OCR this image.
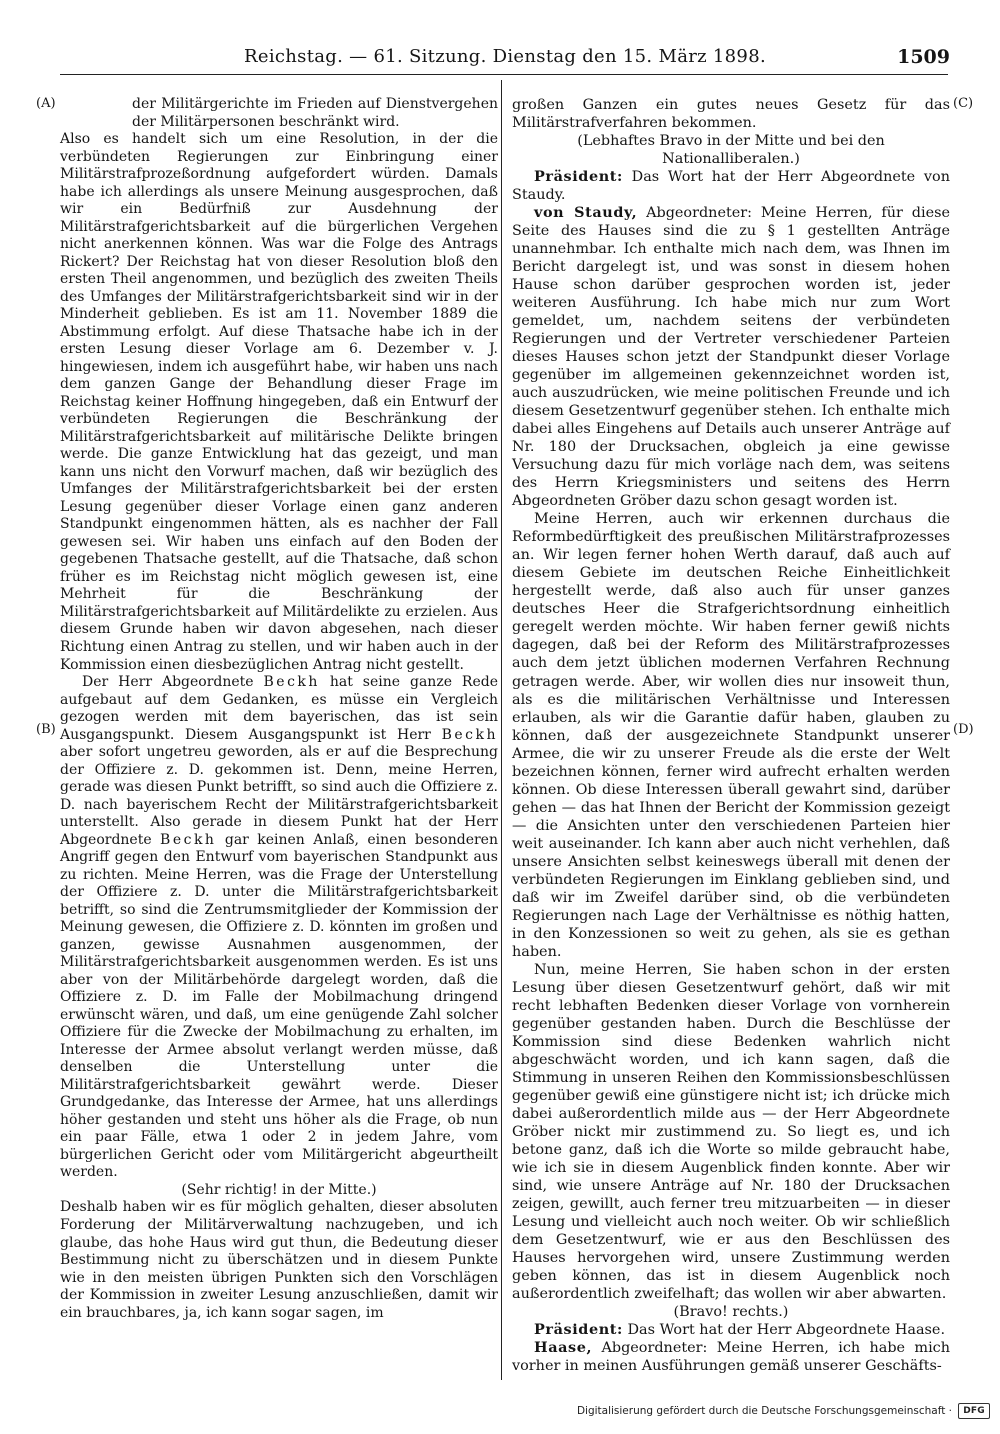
Reichstag. — 61. Sitzung. Dienstag den 15. März 1898.	1509
(A)
(B)
(C)
(D)

der Militärgerichte im Frieden auf Dienstvergehen der Militärpersonen beschränkt wird.

Also es handelt sich um eine Resolution, in der die verbündeten Regierungen zur Einbringung einer Militärstrafprozeßordnung aufgefordert würden. Damals habe ich allerdings als unsere Meinung ausgesprochen, daß wir ein Bedürfniß zur Ausdehnung der Militärstrafgerichtsbarkeit auf die bürgerlichen Vergehen nicht anerkennen können. Was war die Folge des Antrags Rickert? Der Reichstag hat von dieser Resolution bloß den ersten Theil angenommen, und bezüglich des zweiten Theils des Umfanges der Militärstrafgerichtsbarkeit sind wir in der Minderheit geblieben. Es ist am 11. November 1889 die Abstimmung erfolgt. Auf diese Thatsache habe ich in der ersten Lesung dieser Vorlage am 6. Dezember v. J. hingewiesen, indem ich ausgeführt habe, wir haben uns nach dem ganzen Gange der Behandlung dieser Frage im Reichstag keiner Hoffnung hingegeben, daß ein Entwurf der verbündeten Regierungen die Beschränkung der Militärstrafgerichtsbarkeit auf militärische Delikte bringen werde. Die ganze Entwicklung hat das gezeigt, und man kann uns nicht den Vorwurf machen, daß wir bezüglich des Umfanges der Militärstrafgerichtsbarkeit bei der ersten Lesung gegenüber dieser Vorlage einen ganz anderen Standpunkt eingenommen hätten, als es nachher der Fall gewesen sei. Wir haben uns einfach auf den Boden der gegebenen Thatsache gestellt, auf die Thatsache, daß schon früher es im Reichstag nicht möglich gewesen ist, eine Mehrheit für die Beschränkung der Militärstrafgerichtsbarkeit auf Militärdelikte zu erzielen. Aus diesem Grunde haben wir davon abgesehen, nach dieser Richtung einen Antrag zu stellen, und wir haben auch in der Kommission einen diesbezüglichen Antrag nicht gestellt.

Der Herr Abgeordnete Beckh hat seine ganze Rede aufgebaut auf dem Gedanken, es müsse ein Vergleich gezogen werden mit dem bayerischen, das ist sein Ausgangspunkt. Diesem Ausgangspunkt ist Herr Beckh aber sofort ungetreu geworden, als er auf die Besprechung der Offiziere z. D. gekommen ist. Denn, meine Herren, gerade was diesen Punkt betrifft, so sind auch die Offiziere z. D. nach bayerischem Recht der Militärstrafgerichtsbarkeit unterstellt. Also gerade in diesem Punkt hat der Herr Abgeordnete Beckh gar keinen Anlaß, einen besonderen Angriff gegen den Entwurf vom bayerischen Standpunkt aus zu richten. Meine Herren, was die Frage der Unterstellung der Offiziere z. D. unter die Militärstrafgerichtsbarkeit betrifft, so sind die Zentrumsmitglieder der Kommission der Meinung gewesen, die Offiziere z. D. könnten im großen und ganzen, gewisse Ausnahmen ausgenommen, der Militärstrafgerichtsbarkeit ausgenommen werden. Es ist uns aber von der Militärbehörde dargelegt worden, daß die Offiziere z. D. im Falle der Mobilmachung dringend erwünscht wären, und daß, um eine genügende Zahl solcher Offiziere für die Zwecke der Mobilmachung zu erhalten, im Interesse der Armee absolut verlangt werden müsse, daß denselben die Unterstellung unter die Militärstrafgerichtsbarkeit gewährt werde. Dieser Grundgedanke, das Interesse der Armee, hat uns allerdings höher gestanden und steht uns höher als die Frage, ob nun ein paar Fälle, etwa 1 oder 2 in jedem Jahre, vom bürgerlichen Gericht oder vom Militärgericht abgeurtheilt werden.

(Sehr richtig! in der Mitte.)

Deshalb haben wir es für möglich gehalten, dieser absoluten Forderung der Militärverwaltung nachzugeben, und ich glaube, das hohe Haus wird gut thun, die Bedeutung dieser Bestimmung nicht zu überschätzen und in diesem Punkte wie in den meisten übrigen Punkten sich den Vorschlägen der Kommission in zweiter Lesung anzuschließen, damit wir ein brauchbares, ja, ich kann sogar sagen, im

großen Ganzen ein gutes neues Gesetz für das Militärstrafverfahren bekommen.

(Lebhaftes Bravo in der Mitte und bei den Nationalliberalen.)

Präsident: Das Wort hat der Herr Abgeordnete von Staudy.

von Staudy, Abgeordneter: Meine Herren, für diese Seite des Hauses sind die zu § 1 gestellten Anträge unannehmbar. Ich enthalte mich nach dem, was Ihnen im Bericht dargelegt ist, und was sonst in diesem hohen Hause schon darüber gesprochen worden ist, jeder weiteren Ausführung. Ich habe mich nur zum Wort gemeldet, um, nachdem seitens der verbündeten Regierungen und der Vertreter verschiedener Parteien dieses Hauses schon jetzt der Standpunkt dieser Vorlage gegenüber im allgemeinen gekennzeichnet worden ist, auch auszudrücken, wie meine politischen Freunde und ich diesem Gesetzentwurf gegenüber stehen. Ich enthalte mich dabei alles Eingehens auf Details auch unserer Anträge auf Nr. 180 der Drucksachen, obgleich ja eine gewisse Versuchung dazu für mich vorläge nach dem, was seitens des Herrn Kriegsministers und seitens des Herrn Abgeordneten Gröber dazu schon gesagt worden ist.

Meine Herren, auch wir erkennen durchaus die Reformbedürftigkeit des preußischen Militärstrafprozesses an. Wir legen ferner hohen Werth darauf, daß auch auf diesem Gebiete im deutschen Reiche Einheitlichkeit hergestellt werde, daß also auch für unser ganzes deutsches Heer die Strafgerichtsordnung einheitlich geregelt werden möchte. Wir haben ferner gewiß nichts dagegen, daß bei der Reform des Militärstrafprozesses auch dem jetzt üblichen modernen Verfahren Rechnung getragen werde. Aber, wir wollen dies nur insoweit thun, als es die militärischen Verhältnisse und Interessen erlauben, als wir die Garantie dafür haben, glauben zu können, daß der ausgezeichnete Standpunkt unserer Armee, die wir zu unserer Freude als die erste der Welt bezeichnen können, ferner wird aufrecht erhalten werden können. Ob diese Interessen überall gewahrt sind, darüber gehen — das hat Ihnen der Bericht der Kommission gezeigt — die Ansichten unter den verschiedenen Parteien hier weit auseinander. Ich kann aber auch nicht verhehlen, daß unsere Ansichten selbst keineswegs überall mit denen der verbündeten Regierungen im Einklang geblieben sind, und daß wir im Zweifel darüber sind, ob die verbündeten Regierungen nach Lage der Verhältnisse es nöthig hatten, in den Konzessionen so weit zu gehen, als sie es gethan haben.

Nun, meine Herren, Sie haben schon in der ersten Lesung über diesen Gesetzentwurf gehört, daß wir mit recht lebhaften Bedenken dieser Vorlage von vornherein gegenüber gestanden haben. Durch die Beschlüsse der Kommission sind diese Bedenken wahrlich nicht abgeschwächt worden, und ich kann sagen, daß die Stimmung in unseren Reihen den Kommissionsbeschlüssen gegenüber gewiß eine günstigere nicht ist; ich drücke mich dabei außerordentlich milde aus — der Herr Abgeordnete Gröber nickt mir zustimmend zu. So liegt es, und ich betone ganz, daß ich die Worte so milde gebraucht habe, wie ich sie in diesem Augenblick finden konnte. Aber wir sind, wie unsere Anträge auf Nr. 180 der Drucksachen zeigen, gewillt, auch ferner treu mitzuarbeiten — in dieser Lesung und vielleicht auch noch weiter. Ob wir schließlich dem Gesetzentwurf, wie er aus den Beschlüssen des Hauses hervorgehen wird, unsere Zustimmung werden geben können, das ist in diesem Augenblick noch außerordentlich zweifelhaft; das wollen wir aber abwarten.

(Bravo! rechts.)

Präsident: Das Wort hat der Herr Abgeordnete Haase.

Haase, Abgeordneter: Meine Herren, ich habe mich vorher in meinen Ausführungen gemäß unserer Geschäfts-

Digitalisierung gefördert durch die Deutsche Forschungsgemeinschaft ·	DFG
